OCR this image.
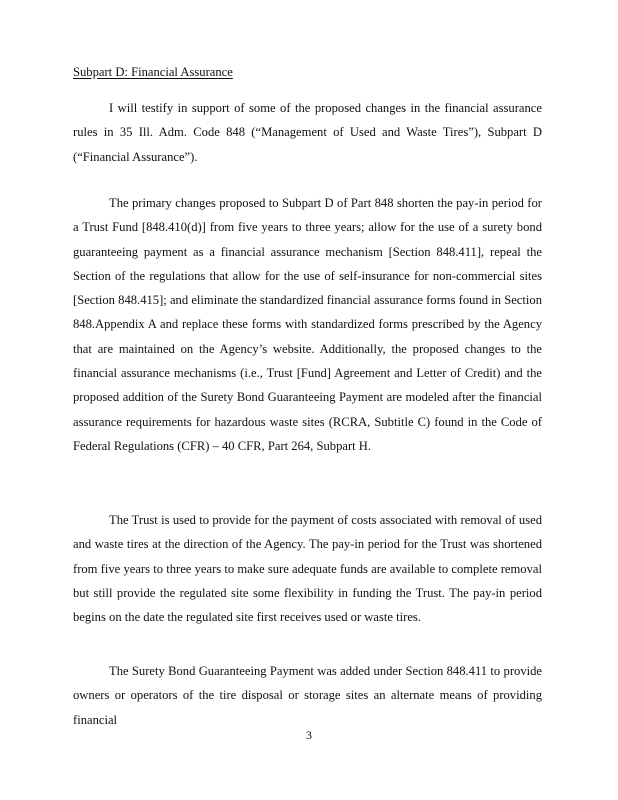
Subpart D: Financial Assurance

I will testify in support of some of the proposed changes in the financial assurance rules in 35 Ill. Adm. Code 848 (“Management of Used and Waste Tires”), Subpart D (“Financial Assurance”).

The primary changes proposed to Subpart D of Part 848 shorten the pay-in period for a Trust Fund [848.410(d)] from five years to three years; allow for the use of a surety bond guaranteeing payment as a financial assurance mechanism [Section 848.411], repeal the Section of the regulations that allow for the use of self-insurance for non-commercial sites [Section 848.415]; and eliminate the standardized financial assurance forms found in Section 848.Appendix A and replace these forms with standardized forms prescribed by the Agency that are maintained on the Agency’s website. Additionally, the proposed changes to the financial assurance mechanisms (i.e., Trust [Fund] Agreement and Letter of Credit) and the proposed addition of the Surety Bond Guaranteeing Payment are modeled after the financial assurance requirements for hazardous waste sites (RCRA, Subtitle C) found in the Code of Federal Regulations (CFR) – 40 CFR, Part 264, Subpart H.

The Trust is used to provide for the payment of costs associated with removal of used and waste tires at the direction of the Agency. The pay-in period for the Trust was shortened from five years to three years to make sure adequate funds are available to complete removal but still provide the regulated site some flexibility in funding the Trust. The pay-in period begins on the date the regulated site first receives used or waste tires.

The Surety Bond Guaranteeing Payment was added under Section 848.411 to provide owners or operators of the tire disposal or storage sites an alternate means of providing financial

3
